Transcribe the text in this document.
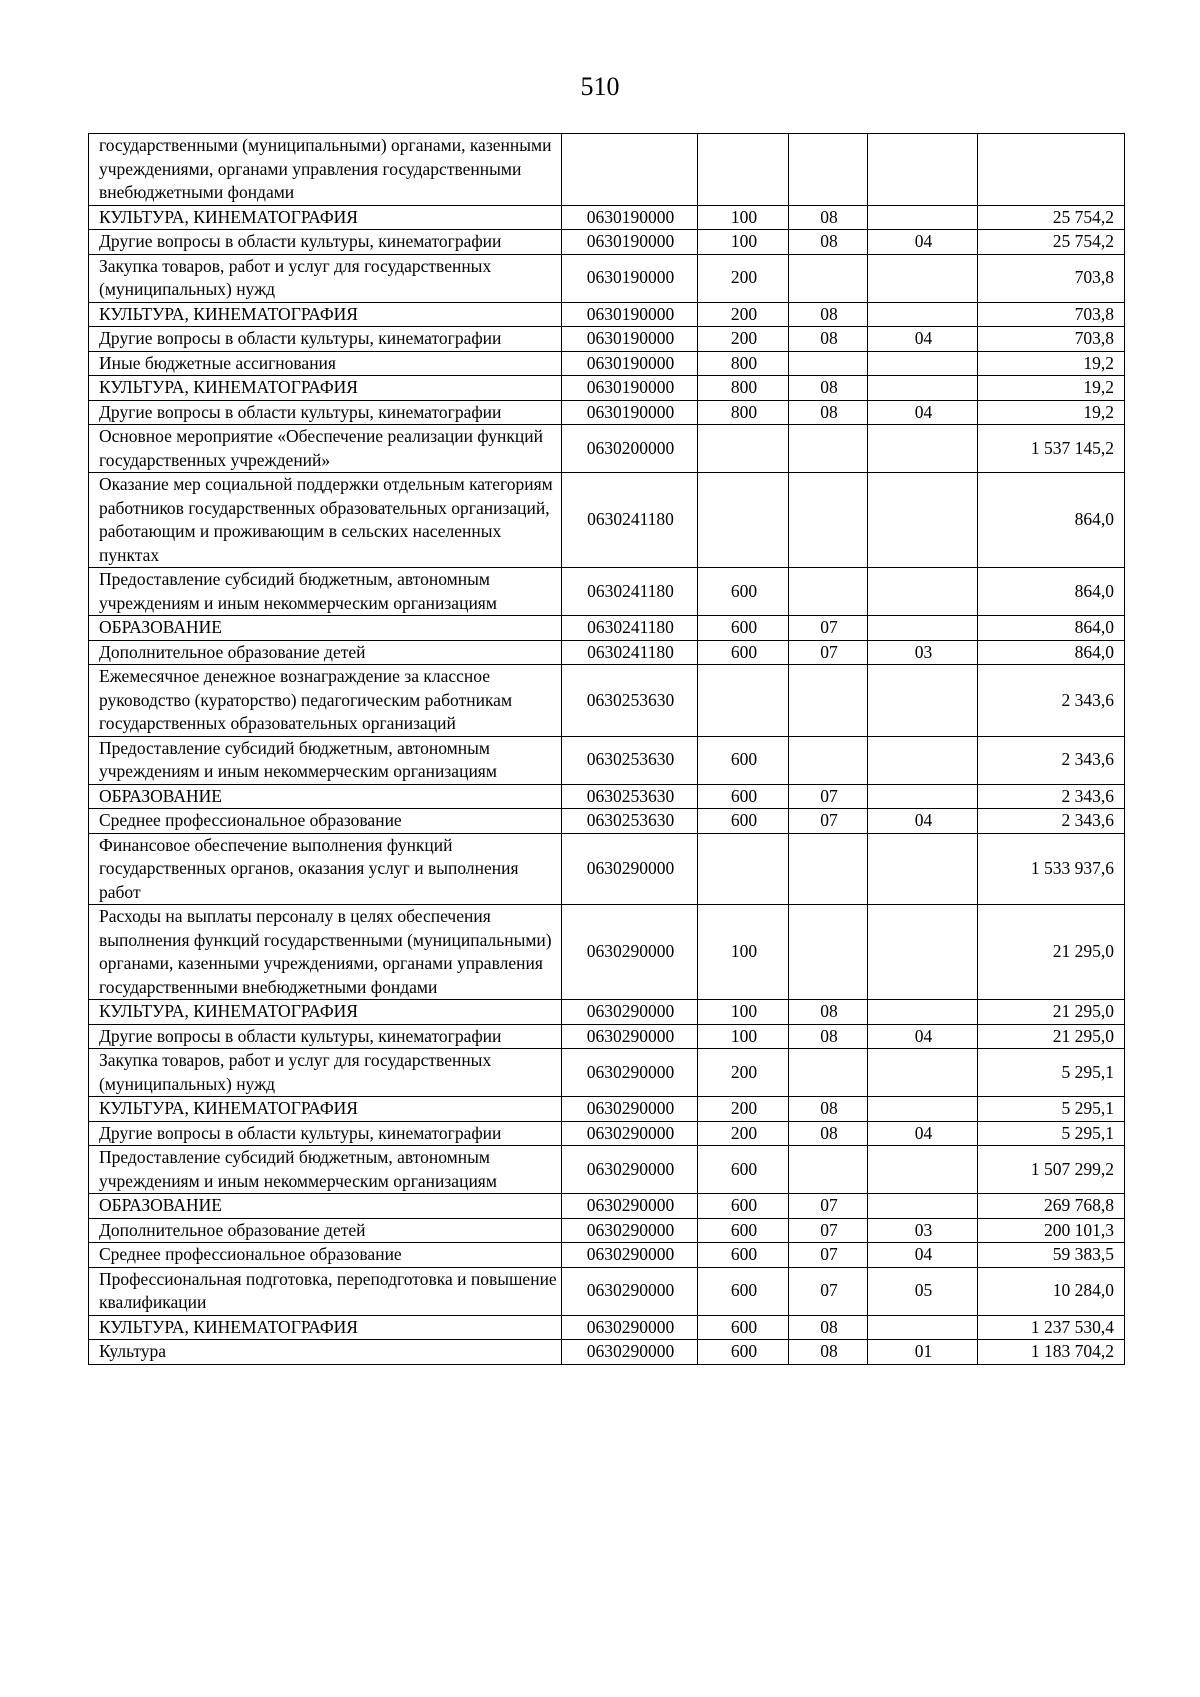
510
государственными (муниципальными) органами, казенными учреждениями, органами управления государственными внебюджетными фондами					
КУЛЬТУРА, КИНЕМАТОГРАФИЯ	0630190000	100	08		25 754,2
Другие вопросы в области культуры, кинематографии	0630190000	100	08	04	25 754,2
Закупка товаров, работ и услуг для государственных (муниципальных) нужд	0630190000	200			703,8
КУЛЬТУРА, КИНЕМАТОГРАФИЯ	0630190000	200	08		703,8
Другие вопросы в области культуры, кинематографии	0630190000	200	08	04	703,8
Иные бюджетные ассигнования	0630190000	800			19,2
КУЛЬТУРА, КИНЕМАТОГРАФИЯ	0630190000	800	08		19,2
Другие вопросы в области культуры, кинематографии	0630190000	800	08	04	19,2
Основное мероприятие «Обеспечение реализации функций государственных учреждений»	0630200000				1 537 145,2
Оказание мер социальной поддержки отдельным категориям работников государственных образовательных организаций, работающим и проживающим в сельских населенных пунктах	0630241180				864,0
Предоставление субсидий бюджетным, автономным учреждениям и иным некоммерческим организациям	0630241180	600			864,0
ОБРАЗОВАНИЕ	0630241180	600	07		864,0
Дополнительное образование детей	0630241180	600	07	03	864,0
Ежемесячное денежное вознаграждение за классное руководство (кураторство) педагогическим работникам государственных образовательных организаций	0630253630				2 343,6
Предоставление субсидий бюджетным, автономным учреждениям и иным некоммерческим организациям	0630253630	600			2 343,6
ОБРАЗОВАНИЕ	0630253630	600	07		2 343,6
Среднее профессиональное образование	0630253630	600	07	04	2 343,6
Финансовое обеспечение выполнения функций государственных органов, оказания услуг и выполнения работ	0630290000				1 533 937,6
Расходы на выплаты персоналу в целях обеспечения выполнения функций государственными (муниципальными) органами, казенными учреждениями, органами управления государственными внебюджетными фондами	0630290000	100			21 295,0
КУЛЬТУРА, КИНЕМАТОГРАФИЯ	0630290000	100	08		21 295,0
Другие вопросы в области культуры, кинематографии	0630290000	100	08	04	21 295,0
Закупка товаров, работ и услуг для государственных (муниципальных) нужд	0630290000	200			5 295,1
КУЛЬТУРА, КИНЕМАТОГРАФИЯ	0630290000	200	08		5 295,1
Другие вопросы в области культуры, кинематографии	0630290000	200	08	04	5 295,1
Предоставление субсидий бюджетным, автономным учреждениям и иным некоммерческим организациям	0630290000	600			1 507 299,2
ОБРАЗОВАНИЕ	0630290000	600	07		269 768,8
Дополнительное образование детей	0630290000	600	07	03	200 101,3
Среднее профессиональное образование	0630290000	600	07	04	59 383,5
Профессиональная подготовка, переподготовка и повышение квалификации	0630290000	600	07	05	10 284,0
КУЛЬТУРА, КИНЕМАТОГРАФИЯ	0630290000	600	08		1 237 530,4
Культура	0630290000	600	08	01	1 183 704,2
